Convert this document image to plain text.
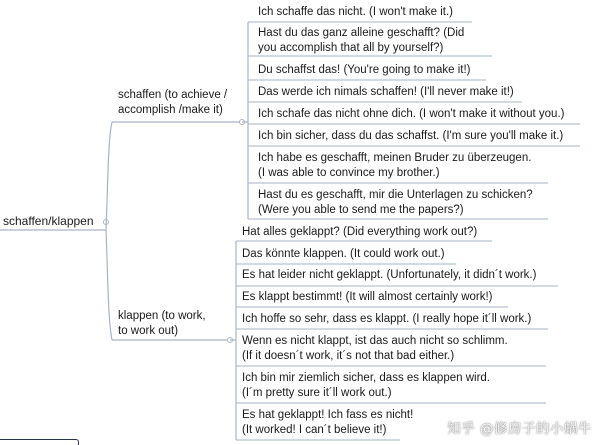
schaffen/klappen
schaffen (to achieve /
accomplish /make it)
klappen (to work,
to work out)
Ich schaffe das nicht. (I won't make it.)
Hast du das ganz alleine geschafft? (Did
you accomplish that all by yourself?)
Du schaffst das! (You're going to make it!)
Das werde ich nimals schaffen! (I'll never make it!)
Ich schafe das nicht ohne dich. (I won't make it without you.)
Ich bin sicher, dass du das schaffst. (I'm sure you'll make it.)
Ich habe es geschafft, meinen Bruder zu überzeugen.
(I was able to convince my brother.)
Hast du es geschafft, mir die Unterlagen zu schicken?
(Were you able to send me the papers?)
Hat alles geklappt? (Did everything work out?)
Das könnte klappen. (It could work out.)
Es hat leider nicht geklappt. (Unfortunately, it didn´t work.)
Es klappt bestimmt! (It will almost certainly work!)
Ich hoffe so sehr, dass es klappt. (I really hope it´ll work.)
Wenn es nicht klappt, ist das auch nicht so schlimm.
(If it doesn´t work, it´s not that bad either.)
Ich bin mir ziemlich sicher, dass es klappen wird.
(I´m pretty sure it´ll work out.)
Es hat geklappt! Ich fass es nicht!
(It worked! I can´t believe it!)	知乎 @修房子的小蜗牛
